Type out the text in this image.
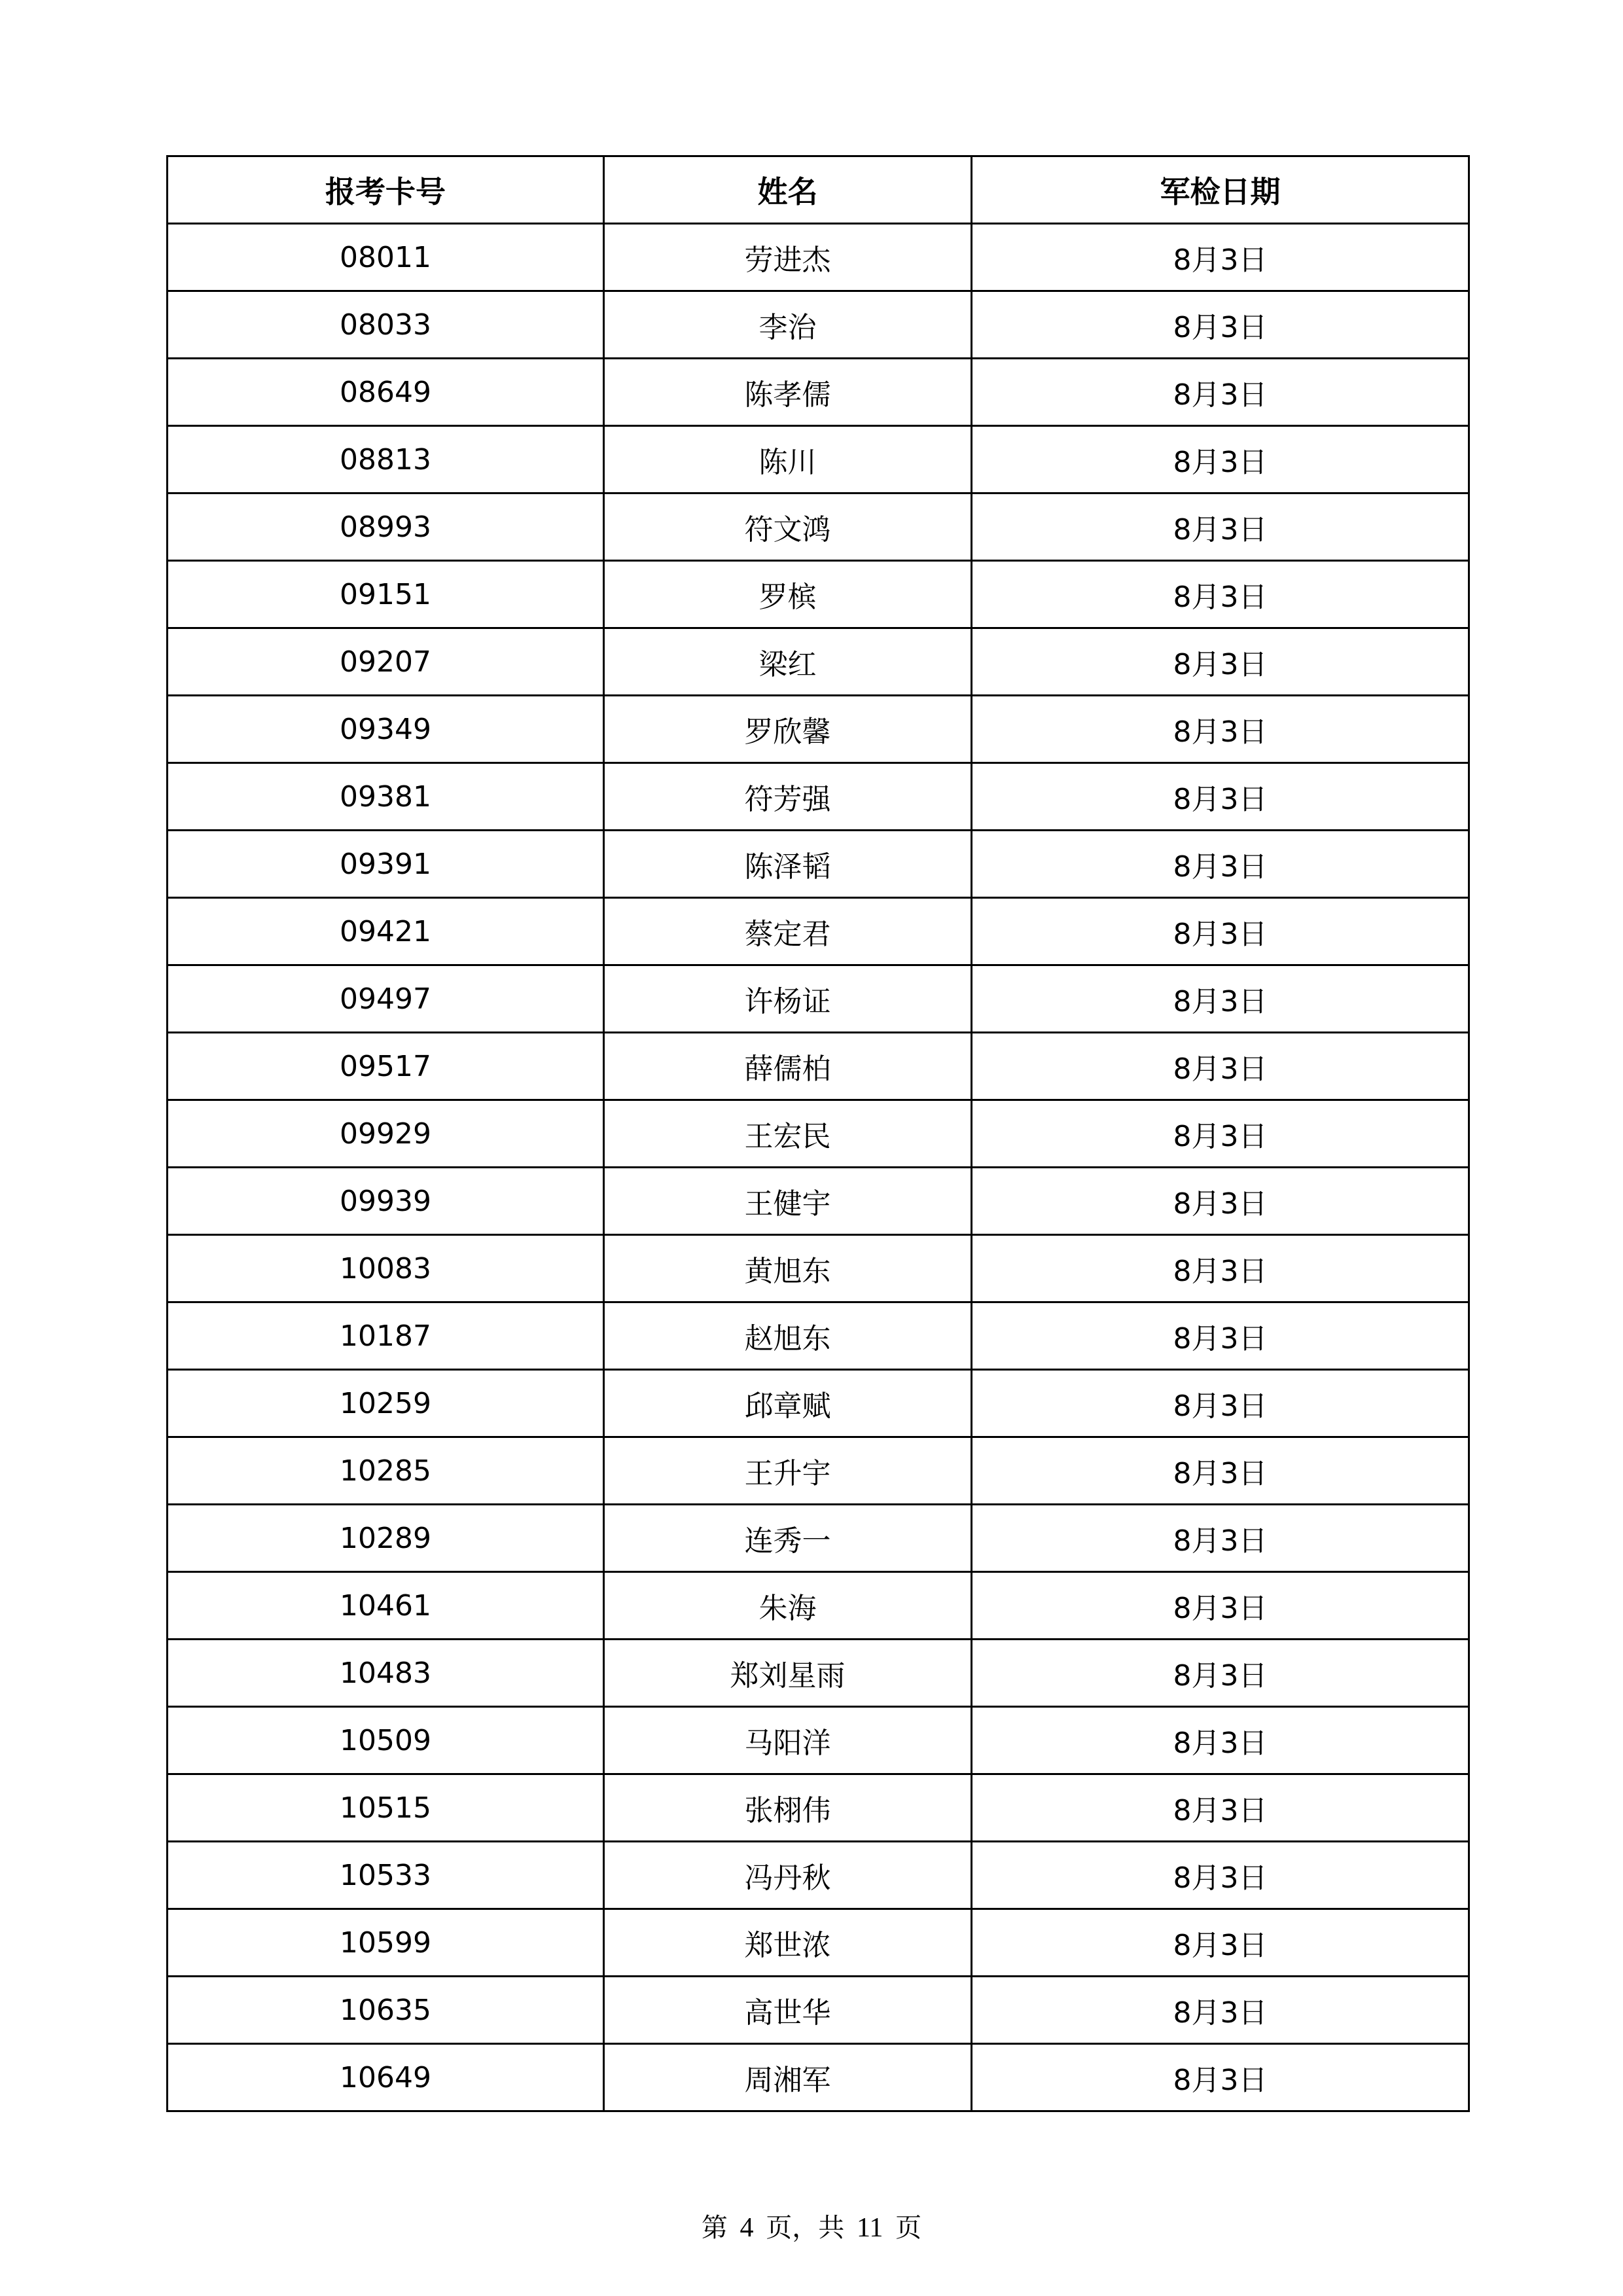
报考卡号	姓名	军检日期
08011	劳进杰	8月3日
08033	李治	8月3日
08649	陈孝儒	8月3日
08813	陈川	8月3日
08993	符文鸿	8月3日
09151	罗槟	8月3日
09207	梁红	8月3日
09349	罗欣馨	8月3日
09381	符芳强	8月3日
09391	陈泽韬	8月3日
09421	蔡定君	8月3日
09497	许杨证	8月3日
09517	薛儒柏	8月3日
09929	王宏民	8月3日
09939	王健宇	8月3日
10083	黄旭东	8月3日
10187	赵旭东	8月3日
10259	邱章赋	8月3日
10285	王升宇	8月3日
10289	连秀一	8月3日
10461	朱海	8月3日
10483	郑刘星雨	8月3日
10509	马阳洋	8月3日
10515	张栩伟	8月3日
10533	冯丹秋	8月3日
10599	郑世浓	8月3日
10635	高世华	8月3日
10649	周湘军	8月3日
第 4 页，共 11 页
